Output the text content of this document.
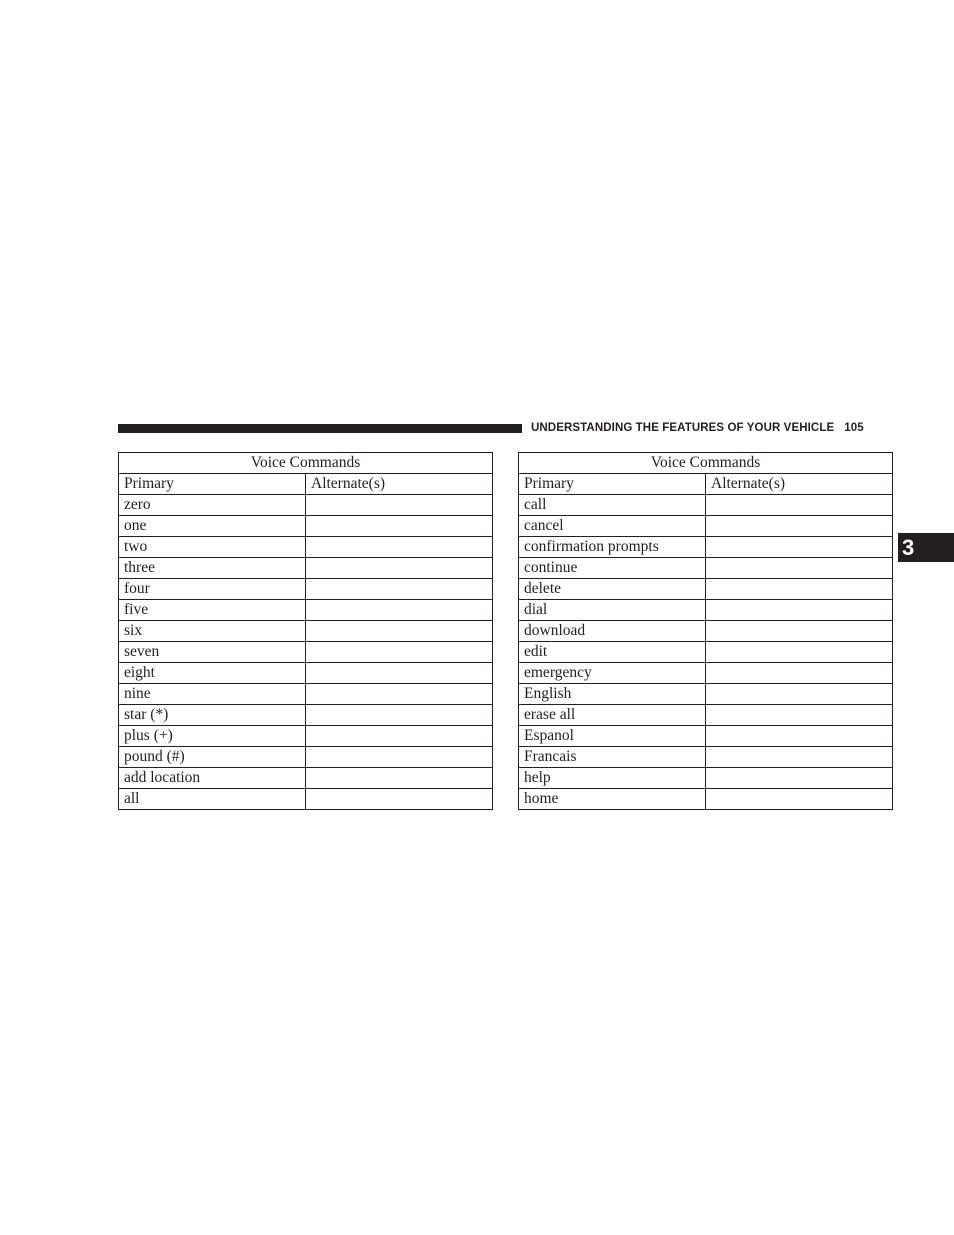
UNDERSTANDING THE FEATURES OF YOUR VEHICLE 105
3
Voice Commands	
Primary	Alternate(s)
zero	
one	
two	
three	
four	
five	
six	
seven	
eight	
nine	
star (*)	
plus (+)	
pound (#)	
add location	
all	
Voice Commands	
Primary	Alternate(s)
call	
cancel	
confirmation prompts	
continue	
delete	
dial	
download	
edit	
emergency	
English	
erase all	
Espanol	
Francais	
help	
home	
